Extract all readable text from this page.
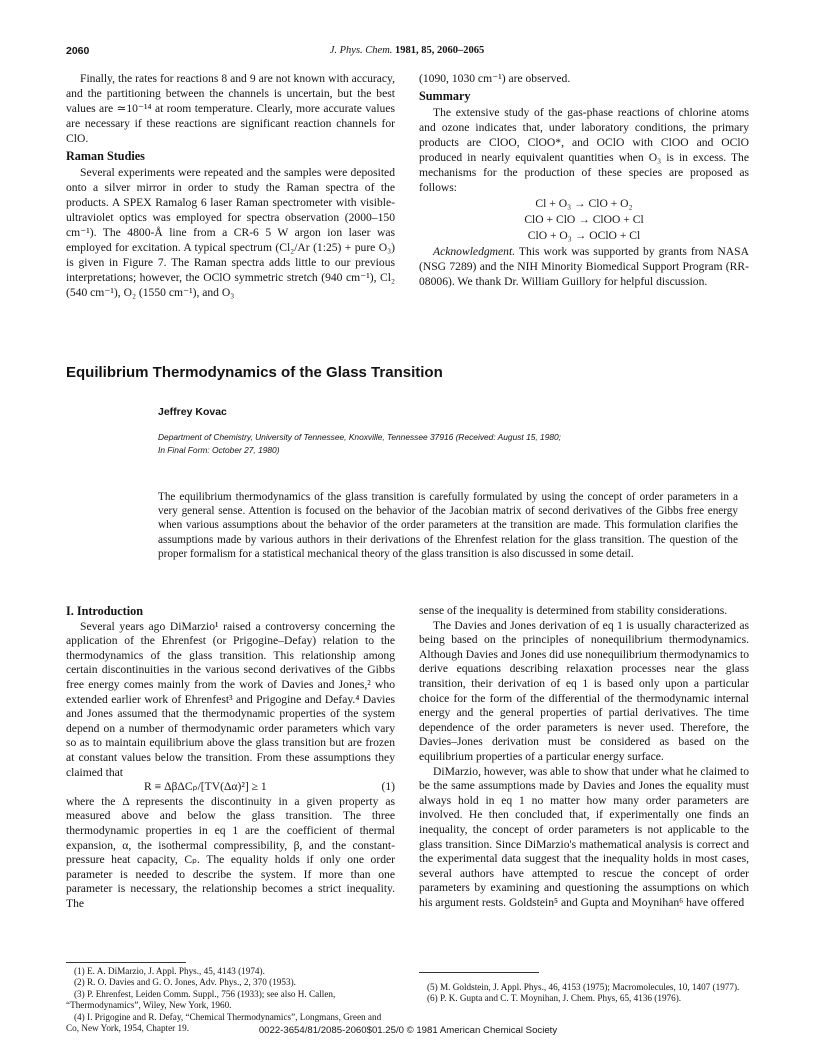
2060	J. Phys. Chem. 1981, 85, 2060–2065

Finally, the rates for reactions 8 and 9 are not known with accuracy, and the partitioning between the channels is uncertain, but the best values are ≃10⁻¹⁴ at room temperature. Clearly, more accurate values are necessary if these reactions are significant reaction channels for ClO.

Raman Studies

Several experiments were repeated and the samples were deposited onto a silver mirror in order to study the Raman spectra of the products. A SPEX Ramalog 6 laser Raman spectrometer with visible-ultraviolet optics was employed for spectra observation (2000–150 cm⁻¹). The 4800-Å line from a CR-6 5 W argon ion laser was employed for excitation. A typical spectrum (Cl₂/Ar (1:25) + pure O₃) is given in Figure 7. The Raman spectra adds little to our previous interpretations; however, the OClO symmetric stretch (940 cm⁻¹), Cl₂ (540 cm⁻¹), O₂ (1550 cm⁻¹), and O₃

(1090, 1030 cm⁻¹) are observed.

Summary

The extensive study of the gas-phase reactions of chlorine atoms and ozone indicates that, under laboratory conditions, the primary products are ClOO, ClOO*, and OClO with ClOO and OClO produced in nearly equivalent quantities when O₃ is in excess. The mechanisms for the production of these species are proposed as follows:

Cl + O₃ → ClO + O₂
ClO + ClO → ClOO + Cl
ClO + O₃ → OClO + Cl

Acknowledgment. This work was supported by grants from NASA (NSG 7289) and the NIH Minority Biomedical Support Program (RR-08006). We thank Dr. William Guillory for helpful discussion.

Equilibrium Thermodynamics of the Glass Transition
Jeffrey Kovac
Department of Chemistry, University of Tennessee, Knoxville, Tennessee 37916 (Received: August 15, 1980;
In Final Form: October 27, 1980)
The equilibrium thermodynamics of the glass transition is carefully formulated by using the concept of order parameters in a very general sense. Attention is focused on the behavior of the Jacobian matrix of second derivatives of the Gibbs free energy when various assumptions about the behavior of the order parameters at the transition are made. This formulation clarifies the assumptions made by various authors in their derivations of the Ehrenfest relation for the glass transition. The question of the proper formalism for a statistical mechanical theory of the glass transition is also discussed in some detail.
I. Introduction

Several years ago DiMarzio¹ raised a controversy concerning the application of the Ehrenfest (or Prigogine–Defay) relation to the thermodynamics of the glass transition. This relationship among certain discontinuities in the various second derivatives of the Gibbs free energy comes mainly from the work of Davies and Jones,² who extended earlier work of Ehrenfest³ and Prigogine and Defay.⁴ Davies and Jones assumed that the thermodynamic properties of the system depend on a number of thermodynamic order parameters which vary so as to maintain equilibrium above the glass transition but are frozen at constant values below the transition. From these assumptions they claimed that

R ≡ ΔβΔCₚ/[TV(Δα)²] ≥ 1	(1)

where the Δ represents the discontinuity in a given property as measured above and below the glass transition. The three thermodynamic properties in eq 1 are the coefficient of thermal expansion, α, the isothermal compressibility, β, and the constant-pressure heat capacity, Cₚ. The equality holds if only one order parameter is needed to describe the system. If more than one parameter is necessary, the relationship becomes a strict inequality. The

sense of the inequality is determined from stability considerations.

The Davies and Jones derivation of eq 1 is usually characterized as being based on the principles of nonequilibrium thermodynamics. Although Davies and Jones did use nonequilibrium thermodynamics to derive equations describing relaxation processes near the glass transition, their derivation of eq 1 is based only upon a particular choice for the form of the differential of the thermodynamic internal energy and the general properties of partial derivatives. The time dependence of the order parameters is never used. Therefore, the Davies–Jones derivation must be considered as based on the equilibrium properties of a particular energy surface.

DiMarzio, however, was able to show that under what he claimed to be the same assumptions made by Davies and Jones the equality must always hold in eq 1 no matter how many order parameters are involved. He then concluded that, if experimentally one finds an inequality, the concept of order parameters is not applicable to the glass transition. Since DiMarzio's mathematical analysis is correct and the experimental data suggest that the inequality holds in most cases, several authors have attempted to rescue the concept of order parameters by examining and questioning the assumptions on which his argument rests. Goldstein⁵ and Gupta and Moynihan⁶ have offered

(1) E. A. DiMarzio, J. Appl. Phys., 45, 4143 (1974).

(2) R. O. Davies and G. O. Jones, Adv. Phys., 2, 370 (1953).

(3) P. Ehrenfest, Leiden Comm. Suppl., 756 (1933); see also H. Callen, “Thermodynamics”, Wiley, New York, 1960.

(4) I. Prigogine and R. Defay, “Chemical Thermodynamics”, Longmans, Green and Co, New York, 1954, Chapter 19.

(5) M. Goldstein, J. Appl. Phys., 46, 4153 (1975); Macromolecules, 10, 1407 (1977).

(6) P. K. Gupta and C. T. Moynihan, J. Chem. Phys, 65, 4136 (1976).

0022-3654/81/2085-2060$01.25/0 © 1981 American Chemical Society
